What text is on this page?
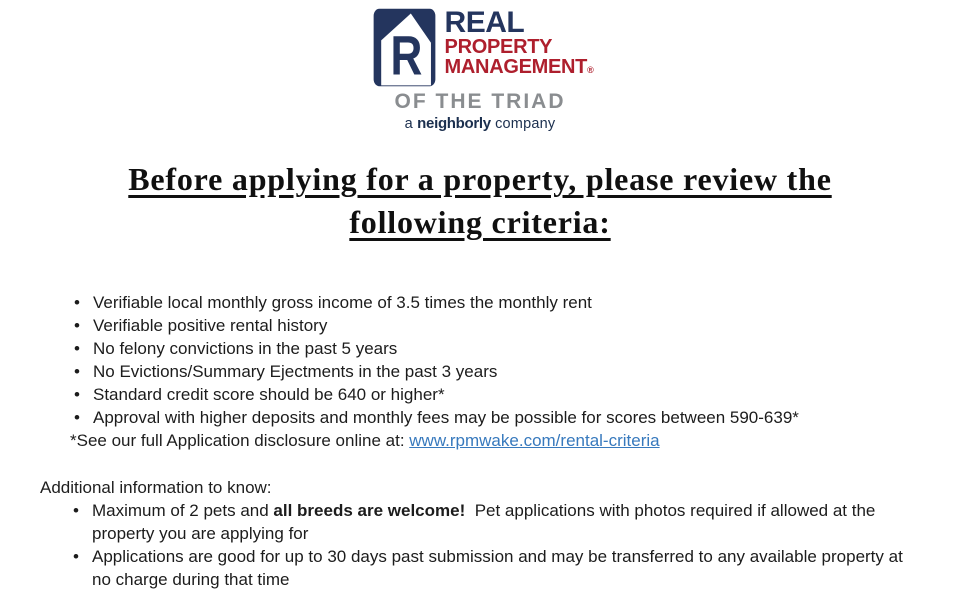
R
REAL
PROPERTY
MANAGEMENT®
OF THE TRIAD
a neighborly company
Before applying for a property, please review the
following criteria:
• Verifiable local monthly gross income of 3.5 times the monthly rent
• Verifiable positive rental history
• No felony convictions in the past 5 years
• No Evictions/Summary Ejectments in the past 3 years
• Standard credit score should be 640 or higher*
• Approval with higher deposits and monthly fees may be possible for scores between 590-639*
*See our full Application disclosure online at: www.rpmwake.com/rental-criteria
Additional information to know:
• Maximum of 2 pets and all breeds are welcome!  Pet applications with photos required if allowed at the
property you are applying for
• Applications are good for up to 30 days past submission and may be transferred to any available property at
no charge during that time
